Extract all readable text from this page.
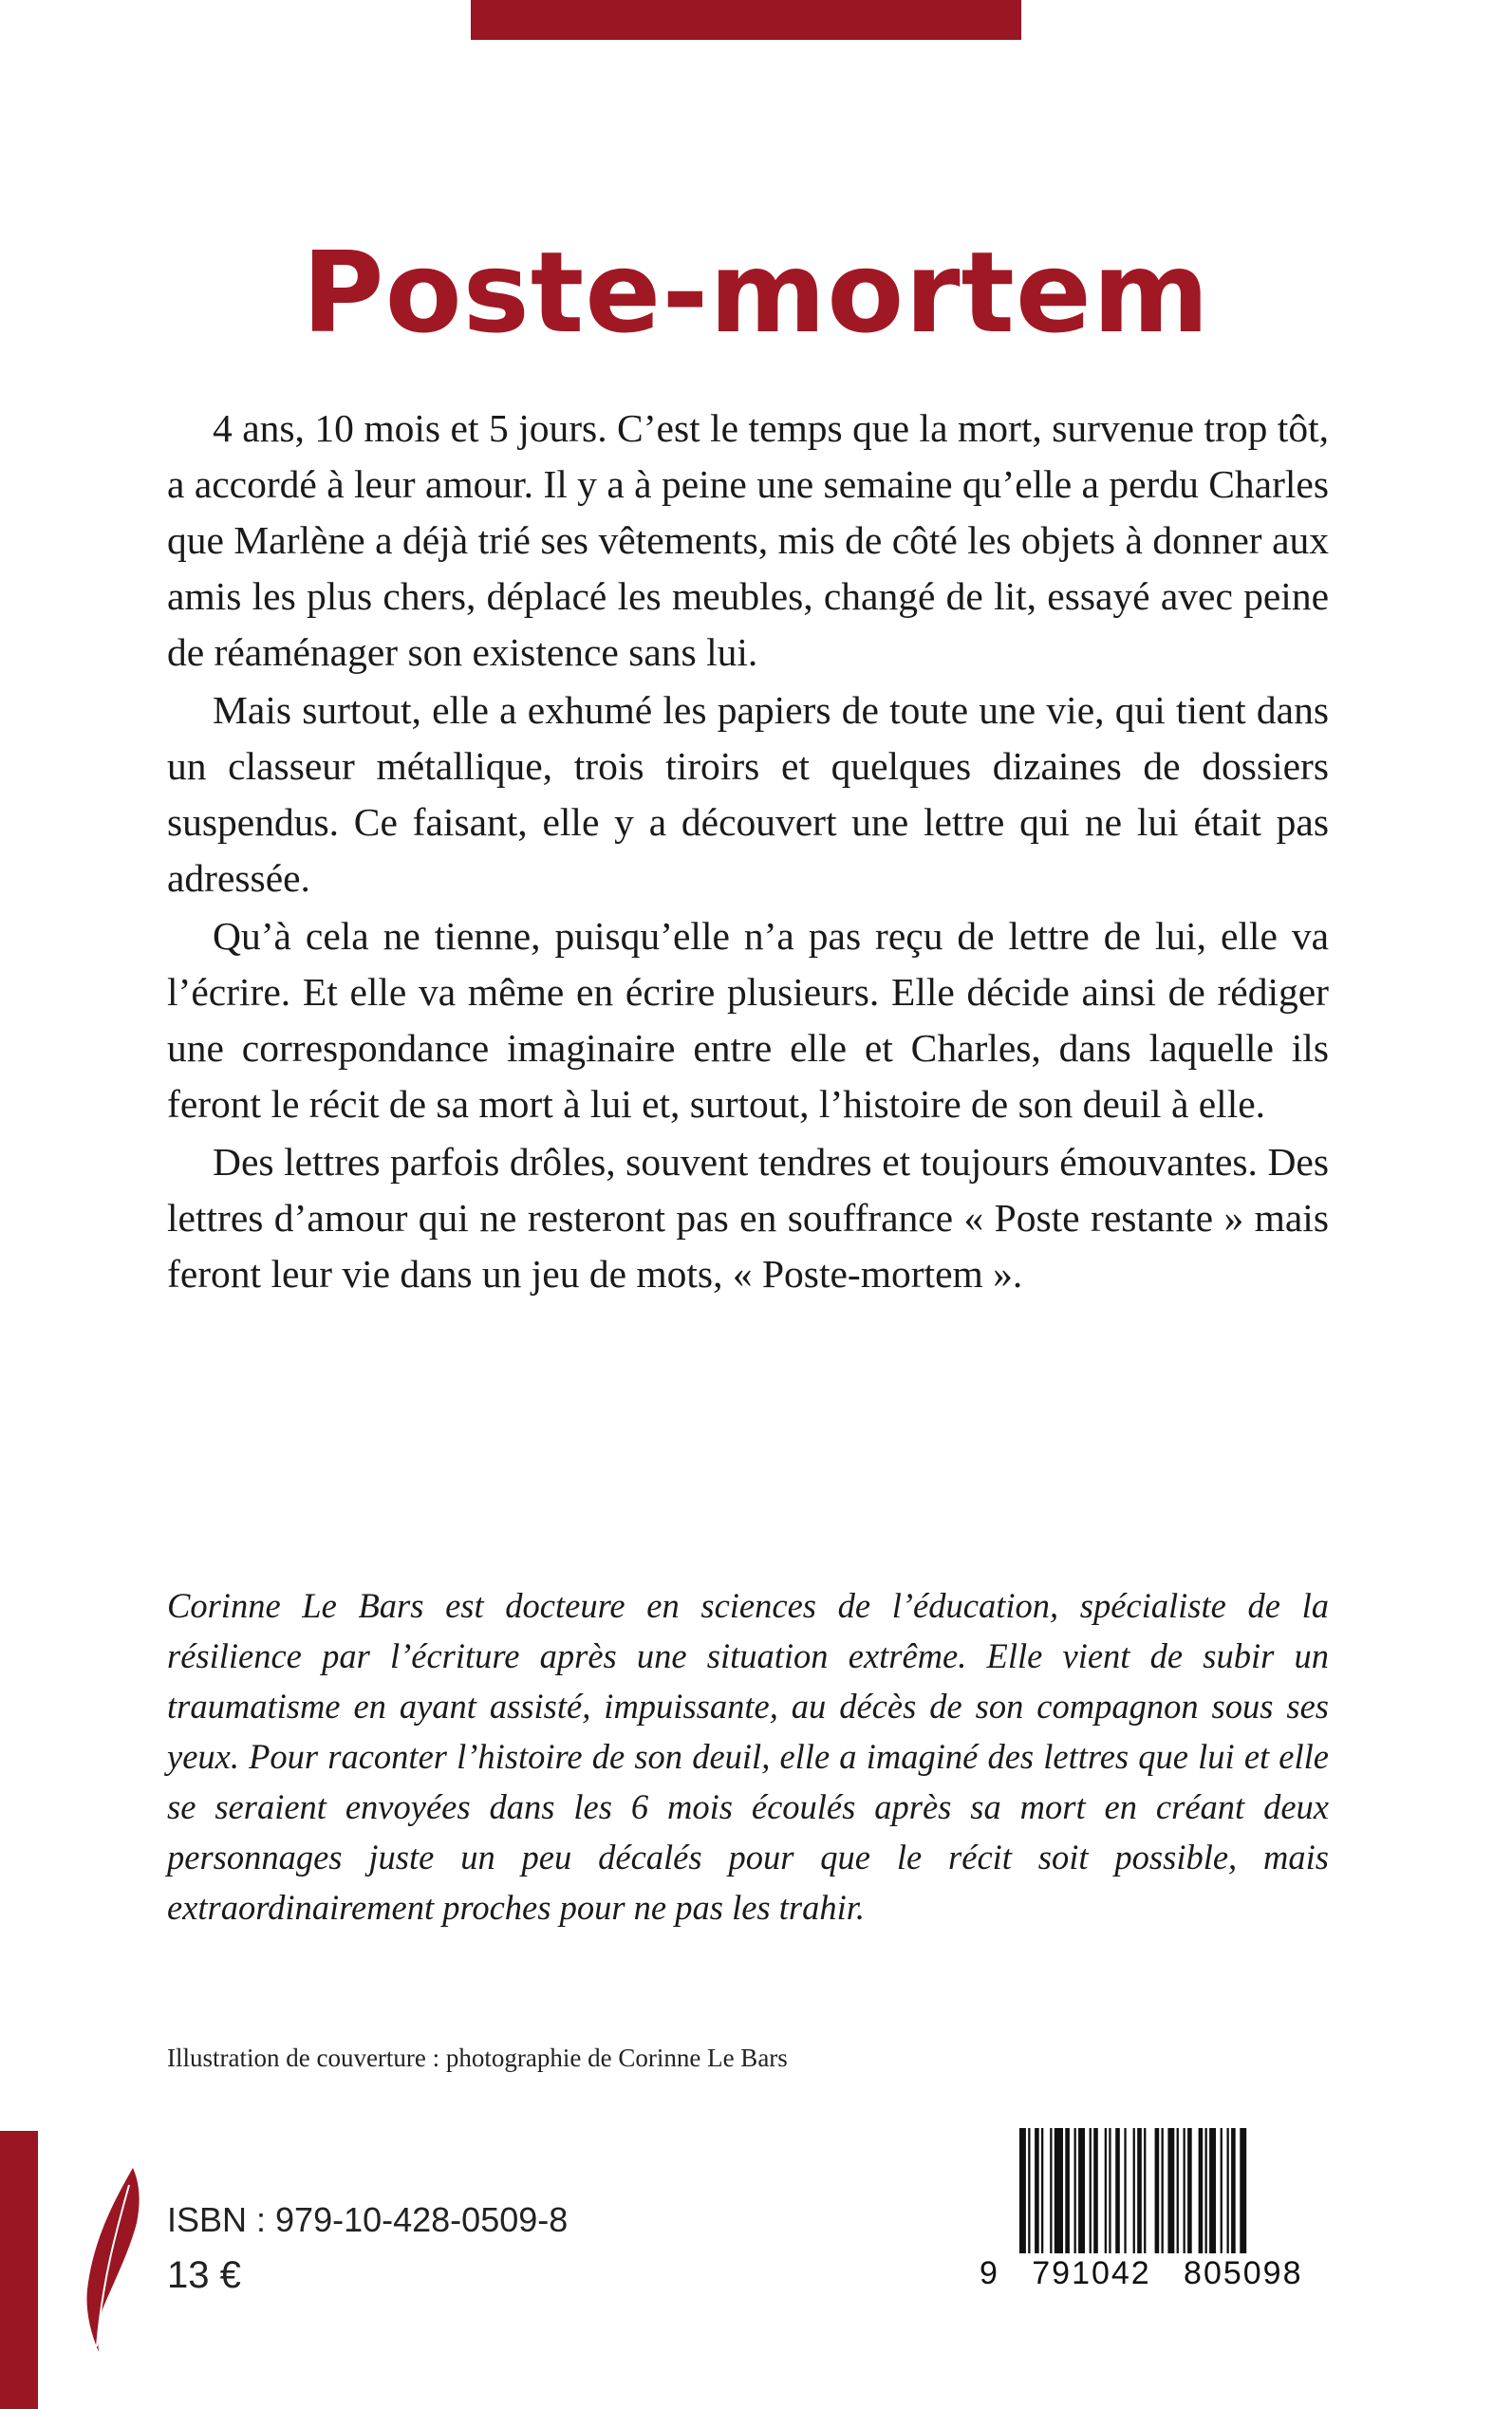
Poste-mortem

4 ans, 10 mois et 5 jours. C’est le temps que la mort, survenue trop tôt, a accordé à leur amour. Il y a à peine une semaine qu’elle a perdu Charles que Marlène a déjà trié ses vêtements, mis de côté les objets à donner aux amis les plus chers, déplacé les meubles, changé de lit, essayé avec peine de réaménager son existence sans lui.

Mais surtout, elle a exhumé les papiers de toute une vie, qui tient dans un classeur métallique, trois tiroirs et quelques dizaines de dossiers suspendus. Ce faisant, elle y a découvert une lettre qui ne lui était pas adressée.

Qu’à cela ne tienne, puisqu’elle n’a pas reçu de lettre de lui, elle va l’écrire. Et elle va même en écrire plusieurs. Elle décide ainsi de rédiger une correspondance imaginaire entre elle et Charles, dans laquelle ils feront le récit de sa mort à lui et, surtout, l’histoire de son deuil à elle.

Des lettres parfois drôles, souvent tendres et toujours émouvantes. Des lettres d’amour qui ne resteront pas en souffrance « Poste restante » mais feront leur vie dans un jeu de mots, « Poste-mortem ».

Corinne Le Bars est docteure en sciences de l’éducation, spécialiste de la résilience par l’écriture après une situation extrême. Elle vient de subir un traumatisme en ayant assisté, impuissante, au décès de son compagnon sous ses yeux. Pour raconter l’histoire de son deuil, elle a imaginé des lettres que lui et elle se seraient envoyées dans les 6 mois écoulés après sa mort en créant deux personnages juste un peu décalés pour que le récit soit possible, mais extraordinairement proches pour ne pas les trahir.

Illustration de couverture : photographie de Corinne Le Bars
ISBN : 979-10-428-0509-8
13 €	9   791042   805098
